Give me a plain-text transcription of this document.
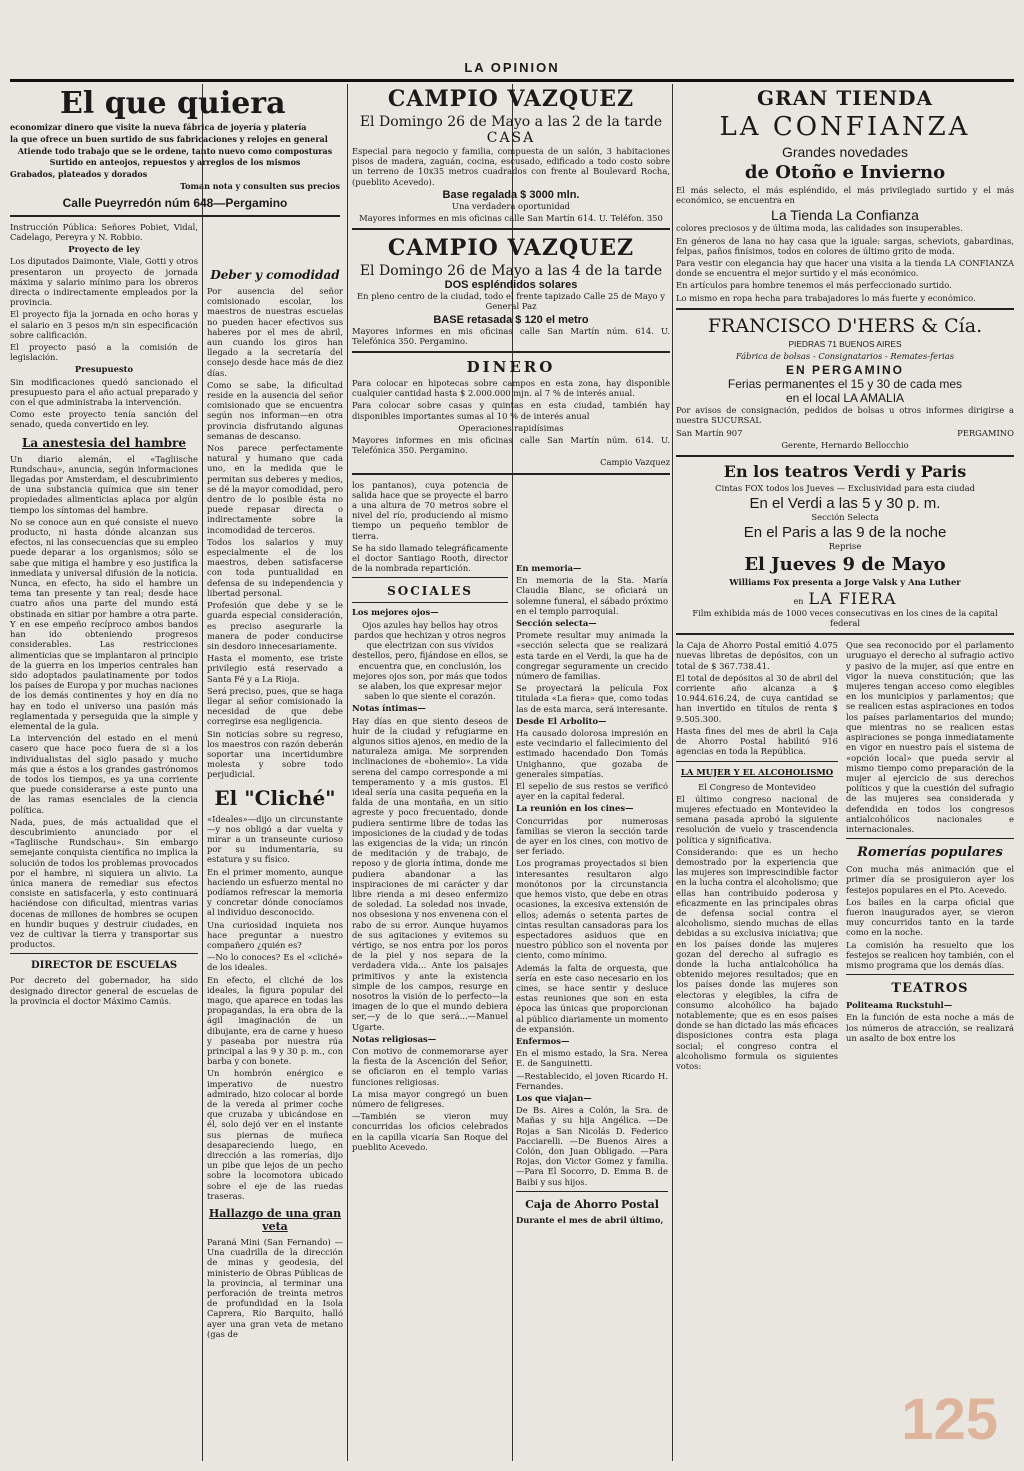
LA OPINION
El que quiera

economizar dinero que visite la nueva fábrica de joyería y platería

la que ofrece un buen surtido de sus fabricaciones y relojes en general

Atiende todo trabajo que se le ordene, tanto nuevo como composturas

Surtido en anteojos, repuestos y arreglos de los mismos

Grabados, plateados y dorados

Toman nota y consulten sus precios

Calle Pueyrredón núm 648—Pergamino

Instrucción Pública: Señores Pobiet, Vidal, Cadelago, Pereyra y N. Robbio.

Proyecto de ley

Los diputados Daimonte, Viale, Gotti y otros presentaron un proyecto de jornada máxima y salario mínimo para los obreros directa o indirectamente empleados por la provincia.

El proyecto fija la jornada en ocho horas y el salario en 3 pesos m/n sin especificación sobre calificación.

El proyecto pasó a la comisión de legislación.

Presupuesto

Sin modificaciones quedó sancionado el presupuesto para el año actual preparado y con el que administraba la intervención.

Como este proyecto tenía sanción del senado, queda convertido en ley.

La anestesia del hambre

Un diario alemán, el «Tagliische Rundschau», anuncia, según informaciones llegadas por Amsterdam, el descubrimiento de una substancia química que sin tener propiedades alimenticias aplaca por algún tiempo los síntomas del hambre.

No se conoce aun en qué consiste el nuevo producto, ni hasta dónde alcanzan sus efectos, ni las consecuencias que su empleo puede deparar a los organismos; sólo se sabe que mitiga el hambre y eso justifica la inmediata y universal difusión de la noticia. Nunca, en efecto, ha sido el hambre un tema tan presente y tan real; desde hace cuatro años una parte del mundo está obstinada en sitiar por hambre a otra parte. Y en ese empeño recíproco ambos bandos han ido obteniendo progresos considerables. Las restricciones alimenticias que se implantaron al principio de la guerra en los imperios centrales han sido adoptados paulatinamente por todos los países de Europa y por muchas naciones de los demás continentes y hoy en día no hay en todo el universo una pasión más reglamentada y perseguida que la simple y elemental de la gula.

La intervención del estado en el menú casero que hace poco fuera de si a los individualistas del siglo pasado y mucho más que a éstos a los grandes gastrónomos de todos los tiempos, es ya una corriente que puede considerarse a este punto una de las ramas esenciales de la ciencia política.

Nada, pues, de más actualidad que el descubrimiento anunciado por el «Tagliische Rundschau». Sin embargo semejante conquista científica no implica la solución de todos los problemas provocados por el hambre, ni siquiera un alivio. La única manera de remediar sus efectos consiste en satisfacerla, y esto continuará haciéndose con dificultad, mientras varias docenas de millones de hombres se ocupen en hundir buques y destruir ciudades, en vez de cultivar la tierra y transportar sus productos.

DIRECTOR DE ESCUELAS

Por decreto del gobernador, ha sido designado director general de escuelas de la provincia el doctor Máximo Camús.

Deber y comodidad

Por ausencia del señor comisionado escolar, los maestros de nuestras escuelas no pueden hacer efectivos sus haberes por el mes de abril, aun cuando los giros han llegado a la secretaría del consejo desde hace más de diez días.

Como se sabe, la dificultad reside en la ausencia del señor comisionado que se encuentra según nos informan—en otra provincia disfrutando algunas semanas de descanso.

Nos parece perfectamente natural y humano que cada uno, en la medida que le permitan sus deberes y medios, se dé la mayor comodidad, pero dentro de lo posible ésta no puede repasar directa o indirectamente sobre la incomodidad de terceros.

Todos los salarios y muy especialmente el de los maestros, deben satisfacerse con toda puntualidad en defensa de su independencia y libertad personal.

Profesión que debe y se le guarda especial consideración, es preciso asegurarle la manera de poder conducirse sin desdoro innecesariamente.

Hasta el momento, ese triste privilegio está reservado a Santa Fé y a La Rioja.

Será preciso, pues, que se haga llegar al señor comisionado la necesidad de que debe corregirse esa negligencia.

Sin noticias sobre su regreso, los maestros con razón deberán soportar una incertidumbre molesta y sobre todo perjudicial.

El "Cliché"

«Ideales»—dijo un circunstante—y nos obligó a dar vuelta y mirar a un transeunte curioso por su indumentaria, su estatura y su físico.

En el primer momento, aunque haciendo un esfuerzo mental no podíamos refrescar la memoria y concretar dónde conocíamos al individuo desconocido.

Una curiosidad inquieta nos hace preguntar a nuestro compañero ¿quién es?

—No lo conoces? Es el «cliché» de los ideales.

En efecto, el cliché de los ideales, la figura popular del mago, que aparece en todas las propagandas, la era obra de la ágil imaginación de un dibujante, era de carne y hueso y paseaba por nuestra rúa principal a las 9 y 30 p. m., con barba y con bonete.

Un hombrón enérgico e imperativo de nuestro admirado, hizo colocar al borde de la vereda al primer coche que cruzaba y ubicándose en él, solo dejó ver en el instante sus piernas de muñeca desapareciendo luego, en dirección a las romerías, dijo un pibe que lejos de un pecho sobre la locomotora ubicado sobre el eje de las ruedas traseras.

Hallazgo de una gran veta

Paraná Mini (San Fernando) — Una cuadrilla de la dirección de minas y geodesia, del ministerio de Obras Públicas de la provincia, al terminar una perforación de treinta metros de profundidad en la Isola Caprera, Río Barquito, halló ayer una gran veta de metano (gas de

CAMPIO VAZQUEZ
El Domingo 26 de Mayo a las 2 de la tarde
CASA

Especial para negocio y familia, compuesta de un salón, 3 habitaciones pisos de madera, zaguán, cocina, escusado, edificado a todo costo sobre un terreno de 10x35 metros cuadrados con frente al Boulevard Rocha, (pueblito Acevedo).

Base regalada $ 3000 mln.

Una verdadera oportunidad

Mayores informes en mis oficinas calle San Martín 614. U. Teléfon. 350

CAMPIO VAZQUEZ
El Domingo 26 de Mayo a las 4 de la tarde
DOS espléndidos solares

En pleno centro de la ciudad, todo el frente tapizado Calle 25 de Mayo y General Paz

BASE retasada $ 120 el metro

Mayores informes en mis oficinas calle San Martín núm. 614. U. Telefónica 350. Pergamino.

DINERO

Para colocar en hipotecas sobre campos en esta zona, hay disponible cualquier cantidad hasta $ 2.000.000 mjn. al 7 % de interés anual.

Para colocar sobre casas y quintas en esta ciudad, también hay disponibles importantes sumas al 10 % de interés anual

Operaciones rapidísimas

Mayores informes en mis oficinas calle San Martín núm. 614. U. Telefónica 350. Pergamino.

Campio Vazquez

los pantanos), cuya potencia de salida hace que se proyecte el barro a una altura de 70 metros sobre el nivel del río, produciendo al mismo tiempo un pequeño temblor de tierra.

Se ha sido llamado telegráficamente el doctor Santiago Rooth, director de la nombrada repartición.

SOCIALES

Los mejores ojos—

Ojos azules hay bellos hay otros pardos que hechizan y otros negros que electrizan con sus vívidos destellos, pero, fijándose en ellos, se encuentra que, en conclusión, los mejores ojos son, por más que todos se alaben, los que expresar mejor saben lo que siente el corazón.

Notas íntimas—

Hay días en que siento deseos de huir de la ciudad y refugiarme en algunos sitios ajenos, en medio de la naturaleza amiga. Me sorprenden inclinaciones de «bohemio». La vida serena del campo corresponde a mi temperamento y a mis gustos. El ideal sería una casita pequeña en la falda de una montaña, en un sitio agreste y poco frecuentado, donde pudiera sentirme libre de todas las imposiciones de la ciudad y de todas las exigencias de la vida; un rincón de meditación y de trabajo, de reposo y de gloria íntima, donde me pudiera abandonar a las inspiraciones de mi carácter y dar libre rienda a mi deseo enfermizo de soledad. La soledad nos invade, nos obsesiona y nos envenena con el rabo de su error. Aunque huyamos de sus agitaciones y evitemos su vértigo, se nos entra por los poros de la piel y nos separa de la verdadera vida... Ante los paisajes primitivos y ante la existencia simple de los campos, resurge en nosotros la visión de lo perfecto—la imagen de lo que el mundo debiera ser,—y de lo que será...—Manuel Ugarte.

Notas religiosas—

Con motivo de conmemorarse ayer la fiesta de la Ascención del Señor, se oficiaron en el templo varias funciones religiosas.

La misa mayor congregó un buen número de feligreses.

—También se vieron muy concurridas los oficios celebrados en la capilla vicaría San Roque del pueblito Acevedo.

En memoria—

En memoria de la Sta. María Claudia Blanc, se oficiará un solemne funeral, el sábado próximo en el templo parroquial.

Sección selecta—

Promete resultar muy animada la «sección selecta que se realizará esta tarde en el Verdi, la que ha de congregar seguramente un crecido número de familias.

Se proyectará la película Fox titulada «La fiera» que, como todas las de esta marca, será interesante.

Desde El Arbolito—

Ha causado dolorosa impresión en este vecindario el fallecimiento del estimado hacendado Don Tomás Unighanno, que gozaba de generales simpatías.

El sepelio de sus restos se verificó ayer en la capital federal.

La reunión en los cines—

Concurridas por numerosas familias se vieron la sección tarde de ayer en los cines, con motivo de ser feriado.

Los programas proyectados si bien interesantes resultaron algo monótonos por la circunstancia que hemos visto, que debe en otras ocasiones, la excesiva extensión de ellos; además o setenta partes de cintas resultan cansadoras para los espectadores asiduos que en nuestro público son el noventa por ciento, como mínimo.

Además la falta de orquesta, que sería en este caso necesario en los cines, se hace sentir y desluce estas reuniones que son en esta época las únicas que proporcionan al público diariamente un momento de expansión.

Enfermos—

En el mismo estado, la Sra. Nerea E. de Sanguinetti.

—Restablecido, el joven Ricardo H. Fernandes.

Los que viajan—

De Bs. Aires a Colón, la Sra. de Mañas y su hija Angélica. —De Rojas a San Nicolás D. Federico Pacciarelli. —De Buenos Aires a Colón, don Juan Obligado. —Para Rojas, don Victor Gomez y familia. —Para El Socorro, D. Emma B. de Baibi y sus hijos.

Caja de Ahorro Postal

Durante el mes de abril último,

GRAN TIENDA
LA CONFIANZA
Grandes novedades
de Otoño e Invierno

El más selecto, el más espléndido, el más privilegiado surtido y el más económico, se encuentra en

La Tienda La Confianza

colores preciosos y de última moda, las calidades son insuperables.

En géneros de lana no hay casa que la iguale: sargas, scheviots, gabardinas, felpas, paños finísimos, todos en colores de último grito de moda.

Para vestir con elegancia hay que hacer una visita a la tienda LA CONFIANZA donde se encuentra el mejor surtido y el más económico.

En artículos para hombre tenemos el más perfeccionado surtido.

Lo mismo en ropa hecha para trabajadores lo más fuerte y económico.

FRANCISCO D'HERS & Cía.

PIEDRAS 71 BUENOS AIRES

Fábrica de bolsas - Consignatarios - Remates-ferias

EN PERGAMINO
Ferias permanentes el 15 y 30 de cada mes
en el local LA AMALIA

Por avisos de consignación, pedidos de bolsas u otros informes dirigirse a nuestra SUCURSAL

San Martín 907	PERGAMINO

Gerente, Hernardo Bellocchio

En los teatros Verdi y Paris

Cintas FOX todos los Jueves — Exclusividad para esta ciudad

En el Verdi a las 5 y 30 p. m.

Sección Selecta

En el Paris a las 9 de la noche

Reprise

El Jueves 9 de Mayo

Williams Fox presenta a Jorge Valsk y Ana Luther

en LA FIERA

Film exhibida más de 1000 veces consecutivas en los cines de la capital federal

la Caja de Ahorro Postal emitió 4.075 nuevas libretas de depósitos, con un total de $ 367.738.41.

El total de depósitos al 30 de abril del corriente año alcanza a $ 10.944.616.24, de cuya cantidad se han invertido en títulos de renta $ 9.505.300.

Hasta fines del mes de abril la Caja de Ahorro Postal habilitó 916 agencias en toda la República.

LA MUJER Y EL ALCOHOLISMO

El Congreso de Montevideo

El último congreso nacional de mujeres efectuado en Montevideo la semana pasada aprobó la siguiente resolución de vuelo y trascendencia política y significativa.

Considerando: que es un hecho demostrado por la experiencia que las mujeres son imprescindible factor en la lucha contra el alcoholismo; que ellas han contribuido poderosa y eficazmente en las principales obras de defensa social contra el alcoholismo, siendo muchas de ellas debidas a su exclusiva iniciativa; que en los países donde las mujeres gozan del derecho al sufragio es donde la lucha antialcohólica ha obtenido mejores resultados; que en los países donde las mujeres son electoras y elegibles, la cifra de consumo alcohólico ha bajado notablemente; que es en esos países donde se han dictado las más eficaces disposiciones contra esta plaga social; el congreso contra el alcoholismo formula os siguientes votos:

Que sea reconocido por el parlamento uruguayo el derecho al sufragio activo y pasivo de la mujer, así que entre en vigor la nueva constitución; que las mujeres tengan acceso como elegibles en los municipios y parlamentos; que se realicen estas aspiraciones en todos los países parlamentarios del mundo; que mientras no se realicen estas aspiraciones se ponga inmediatamente en vigor en nuestro país el sistema de «opción local» que pueda servir al mismo tiempo como preparación de la mujer al ejercicio de sus derechos políticos y que la cuestión del sufragio de las mujeres sea considerada y defendida en todos los congresos antialcohólicos nacionales e internacionales.

Romerías populares

Con mucha más animación que el primer día se prosiguieron ayer los festejos populares en el Pto. Acevedo.

Los bailes en la carpa oficial que fueron inaugurados ayer, se vieron muy concurridos tanto en la tarde como en la noche.

La comisión ha resuelto que los festejos se realicen hoy también, con el mismo programa que los demás días.

TEATROS

Politeama Ruckstuhl—

En la función de esta noche a más de los números de atracción, se realizará un asalto de box entre los

125
